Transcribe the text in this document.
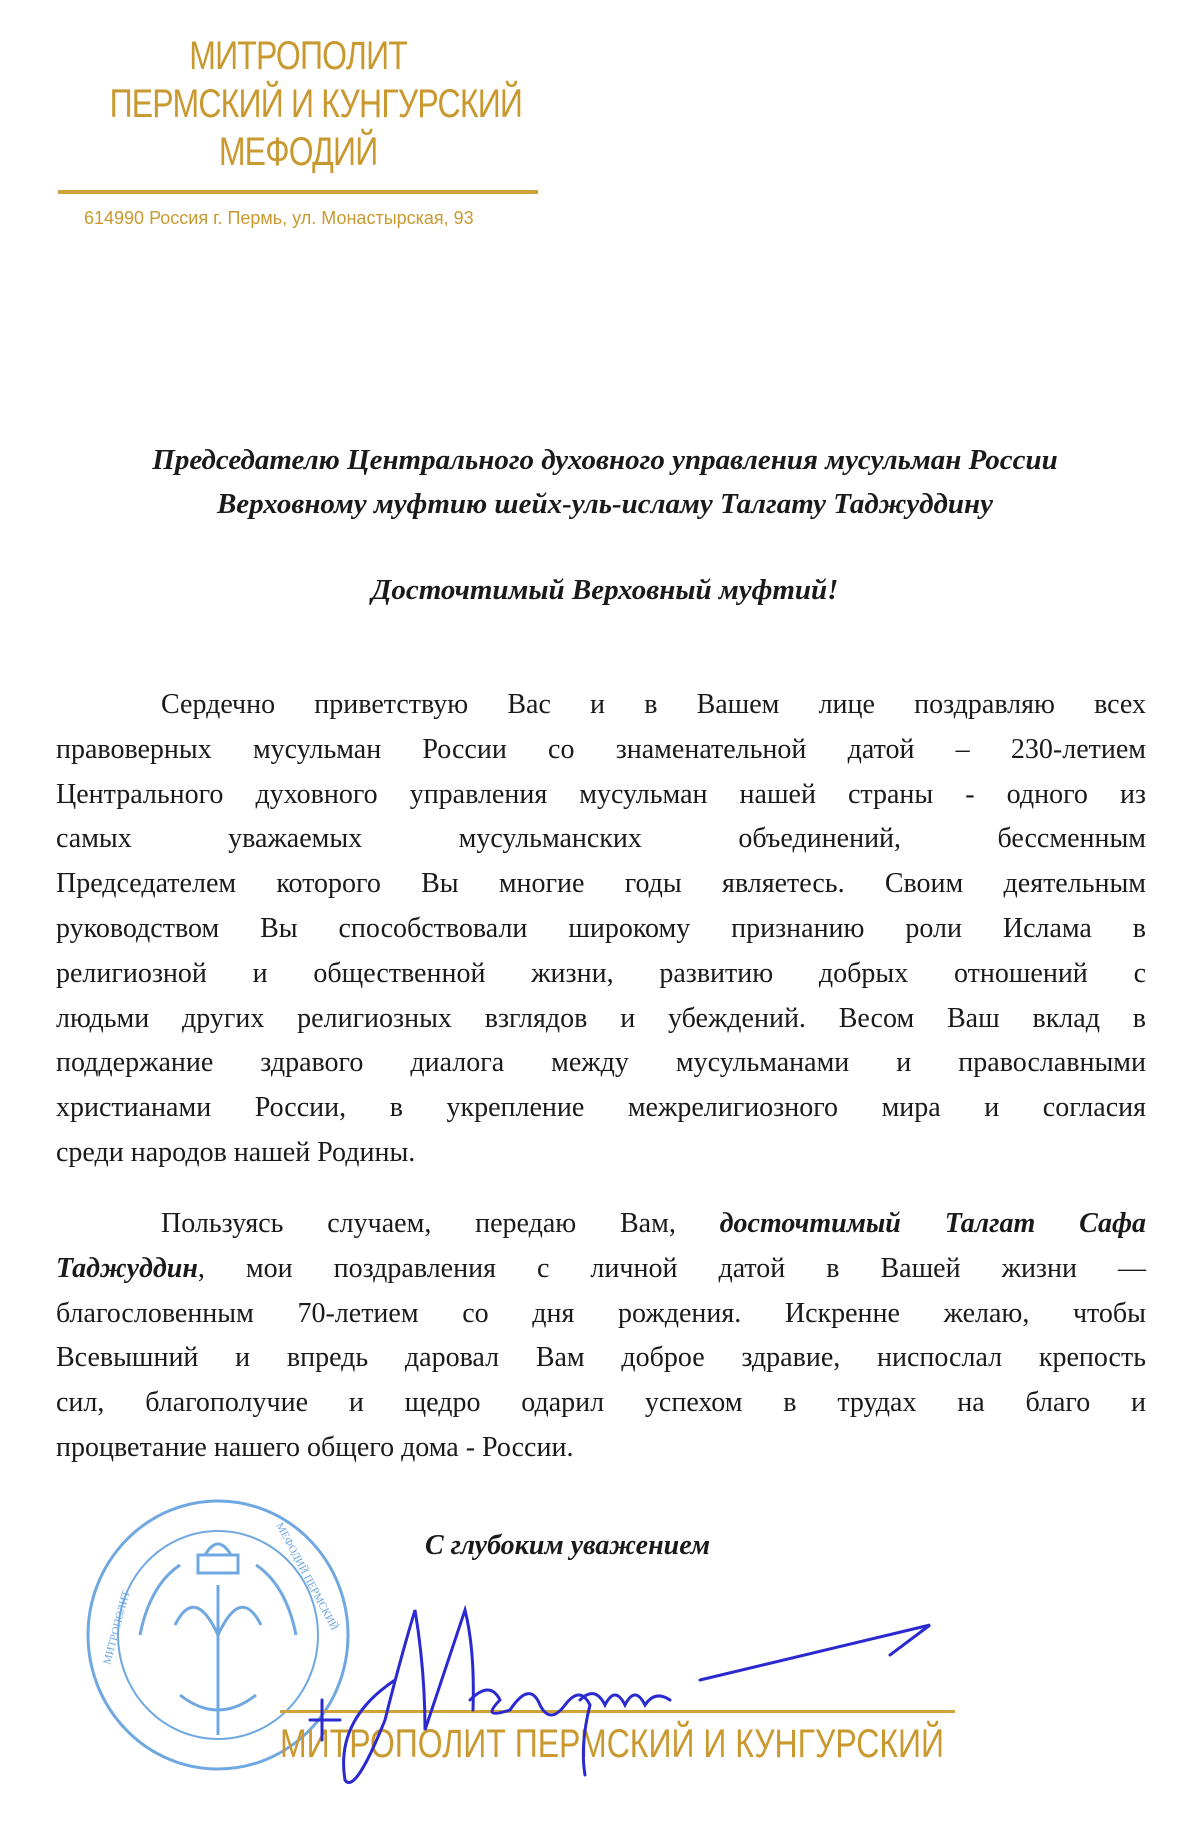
МИТРОПОЛИТ
ПЕРМСКИЙ И КУНГУРСКИЙ
МЕФОДИЙ
614990 Россия г. Пермь, ул. Монастырская, 93
Председателю Центрального духовного управления мусульман России
Верховному муфтию шейх-уль-исламу Талгату Таджуддину
Досточтимый Верховный муфтий!
Сердечно приветствую Вас и в Вашем лице поздравляю всех
правоверных мусульман России со знаменательной датой – 230-летием
Центрального духовного управления мусульман нашей страны - одного из
самых уважаемых мусульманских объединений, бессменным
Председателем которого Вы многие годы являетесь. Своим деятельным
руководством Вы способствовали широкому признанию роли Ислама в
религиозной и общественной жизни, развитию добрых отношений с
людьми других религиозных взглядов и убеждений. Весом Ваш вклад в
поддержание здравого диалога между мусульманами и православными
христианами России, в укрепление межрелигиозного мира и согласия
среди народов нашей Родины.
Пользуясь случаем, передаю Вам, досточтимый Талгат Сафа
Таджуддин, мои поздравления с личной датой в Вашей жизни —
благословенным 70-летием со дня рождения. Искренне желаю, чтобы
Всевышний и впредь даровал Вам доброе здравие, ниспослал крепость
сил, благополучие и щедро одарил успехом в трудах на благо и
процветание нашего общего дома - России.
С глубоким уважением
МИТРОПОЛИТ	МЕФОДИЙ ПЕРМСКИЙ
МИТРОПОЛИТ ПЕРМСКИЙ И КУНГУРСКИЙ
